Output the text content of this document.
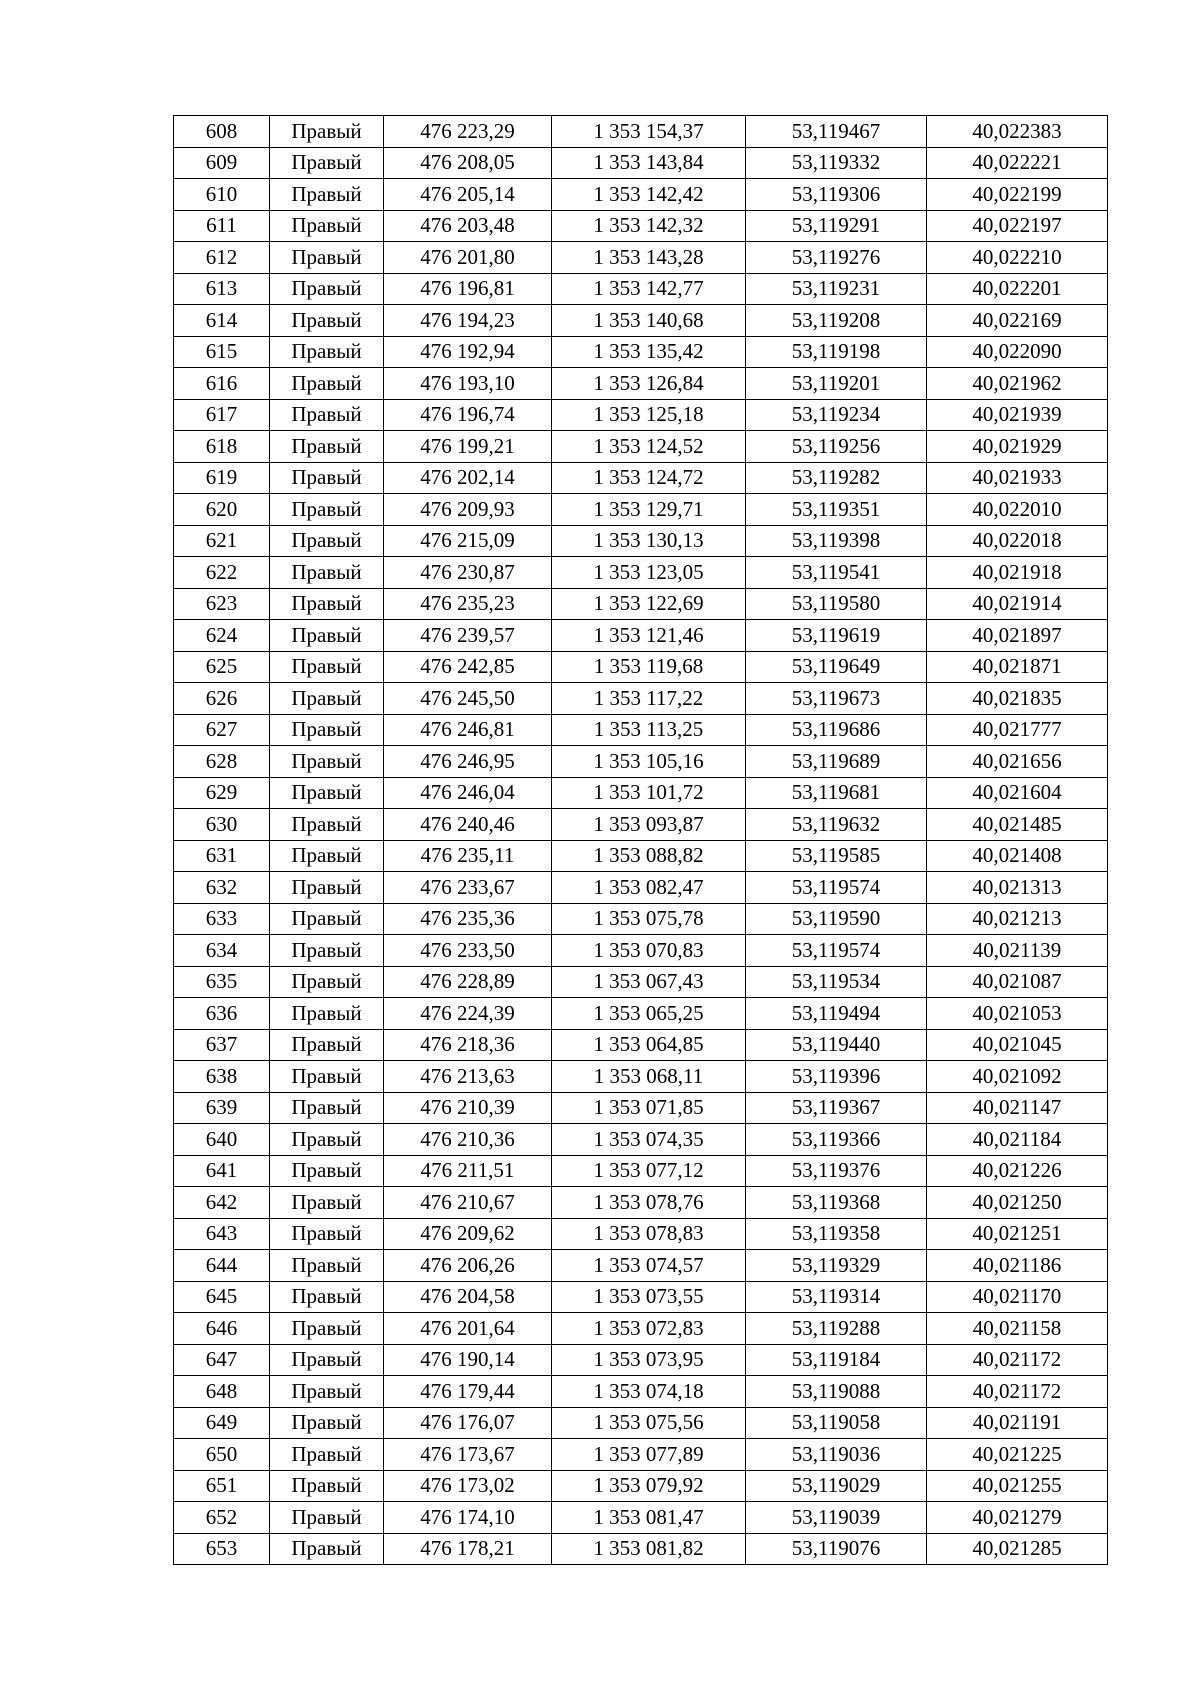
608	Правый	476 223,29	1 353 154,37	53,119467	40,022383
609	Правый	476 208,05	1 353 143,84	53,119332	40,022221
610	Правый	476 205,14	1 353 142,42	53,119306	40,022199
611	Правый	476 203,48	1 353 142,32	53,119291	40,022197
612	Правый	476 201,80	1 353 143,28	53,119276	40,022210
613	Правый	476 196,81	1 353 142,77	53,119231	40,022201
614	Правый	476 194,23	1 353 140,68	53,119208	40,022169
615	Правый	476 192,94	1 353 135,42	53,119198	40,022090
616	Правый	476 193,10	1 353 126,84	53,119201	40,021962
617	Правый	476 196,74	1 353 125,18	53,119234	40,021939
618	Правый	476 199,21	1 353 124,52	53,119256	40,021929
619	Правый	476 202,14	1 353 124,72	53,119282	40,021933
620	Правый	476 209,93	1 353 129,71	53,119351	40,022010
621	Правый	476 215,09	1 353 130,13	53,119398	40,022018
622	Правый	476 230,87	1 353 123,05	53,119541	40,021918
623	Правый	476 235,23	1 353 122,69	53,119580	40,021914
624	Правый	476 239,57	1 353 121,46	53,119619	40,021897
625	Правый	476 242,85	1 353 119,68	53,119649	40,021871
626	Правый	476 245,50	1 353 117,22	53,119673	40,021835
627	Правый	476 246,81	1 353 113,25	53,119686	40,021777
628	Правый	476 246,95	1 353 105,16	53,119689	40,021656
629	Правый	476 246,04	1 353 101,72	53,119681	40,021604
630	Правый	476 240,46	1 353 093,87	53,119632	40,021485
631	Правый	476 235,11	1 353 088,82	53,119585	40,021408
632	Правый	476 233,67	1 353 082,47	53,119574	40,021313
633	Правый	476 235,36	1 353 075,78	53,119590	40,021213
634	Правый	476 233,50	1 353 070,83	53,119574	40,021139
635	Правый	476 228,89	1 353 067,43	53,119534	40,021087
636	Правый	476 224,39	1 353 065,25	53,119494	40,021053
637	Правый	476 218,36	1 353 064,85	53,119440	40,021045
638	Правый	476 213,63	1 353 068,11	53,119396	40,021092
639	Правый	476 210,39	1 353 071,85	53,119367	40,021147
640	Правый	476 210,36	1 353 074,35	53,119366	40,021184
641	Правый	476 211,51	1 353 077,12	53,119376	40,021226
642	Правый	476 210,67	1 353 078,76	53,119368	40,021250
643	Правый	476 209,62	1 353 078,83	53,119358	40,021251
644	Правый	476 206,26	1 353 074,57	53,119329	40,021186
645	Правый	476 204,58	1 353 073,55	53,119314	40,021170
646	Правый	476 201,64	1 353 072,83	53,119288	40,021158
647	Правый	476 190,14	1 353 073,95	53,119184	40,021172
648	Правый	476 179,44	1 353 074,18	53,119088	40,021172
649	Правый	476 176,07	1 353 075,56	53,119058	40,021191
650	Правый	476 173,67	1 353 077,89	53,119036	40,021225
651	Правый	476 173,02	1 353 079,92	53,119029	40,021255
652	Правый	476 174,10	1 353 081,47	53,119039	40,021279
653	Правый	476 178,21	1 353 081,82	53,119076	40,021285
